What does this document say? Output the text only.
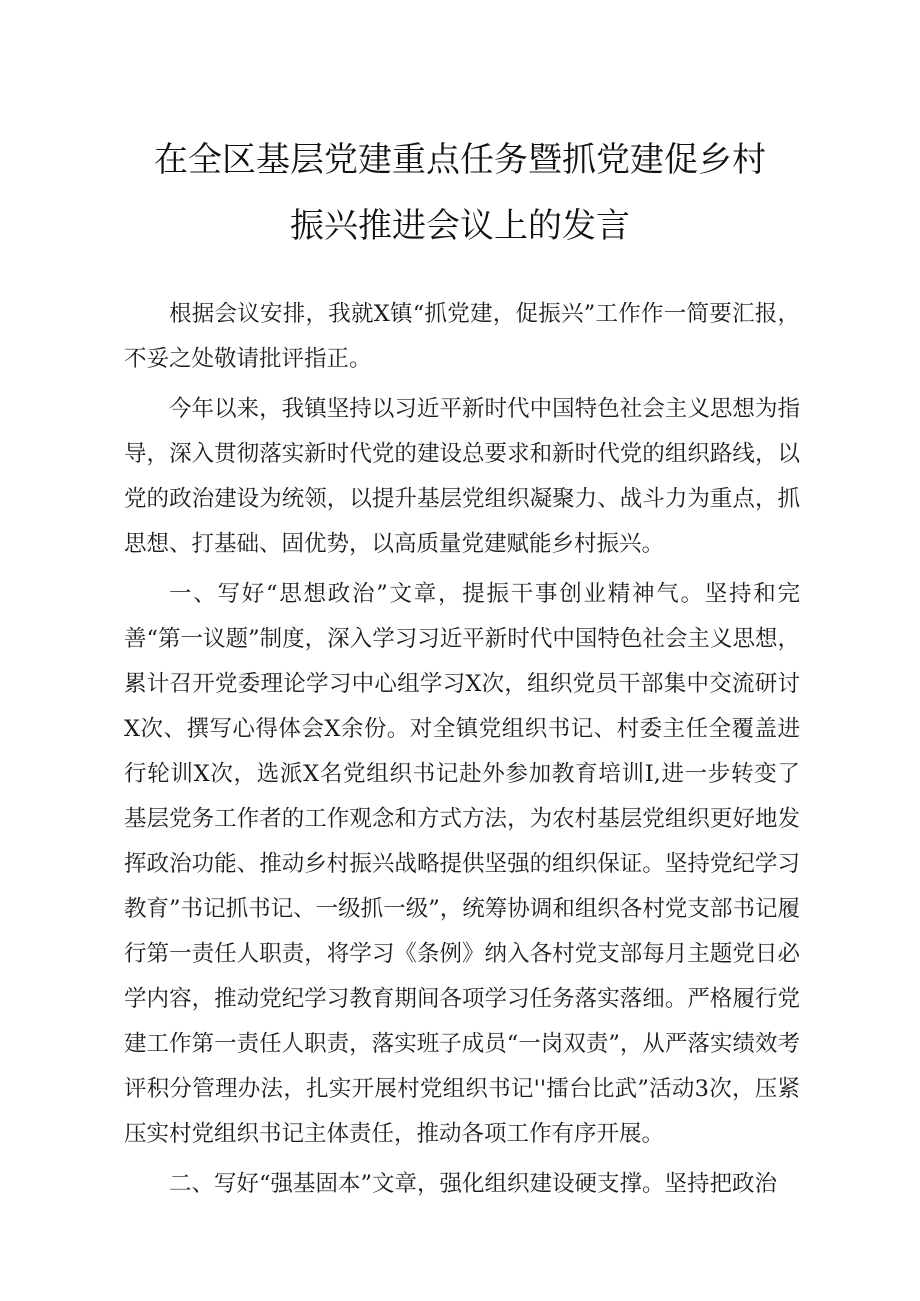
在全区基层党建重点任务暨抓党建促乡村
振兴推进会议上的发言

根据会议安排，我就X镇“抓党建，促振兴”工作作一简要汇报，不妥之处敬请批评指正。

今年以来，我镇坚持以习近平新时代中国特色社会主义思想为指导，深入贯彻落实新时代党的建设总要求和新时代党的组织路线，以党的政治建设为统领，以提升基层党组织凝聚力、战斗力为重点，抓思想、打基础、固优势，以高质量党建赋能乡村振兴。

一、写好“思想政治”文章，提振干事创业精神气。坚持和完善“第一议题”制度，深入学习习近平新时代中国特色社会主义思想，累计召开党委理论学习中心组学习X次，组织党员干部集中交流研讨X次、撰写心得体会X余份。对全镇党组织书记、村委主任全覆盖进行轮训X次，选派X名党组织书记赴外参加教育培训I,进一步转变了基层党务工作者的工作观念和方式方法，为农村基层党组织更好地发挥政治功能、推动乡村振兴战略提供坚强的组织保证。坚持党纪学习教育”书记抓书记、一级抓一级”，统筹协调和组织各村党支部书记履行第一责任人职责，将学习《条例》纳入各村党支部每月主题党日必学内容，推动党纪学习教育期间各项学习任务落实落细。严格履行党建工作第一责任人职责，落实班子成员“一岗双责”，从严落实绩效考评积分管理办法，扎实开展村党组织书记''擂台比武”活动3次，压紧压实村党组织书记主体责任，推动各项工作有序开展。

二、写好“强基固本”文章，强化组织建设硬支撑。坚持把政治
